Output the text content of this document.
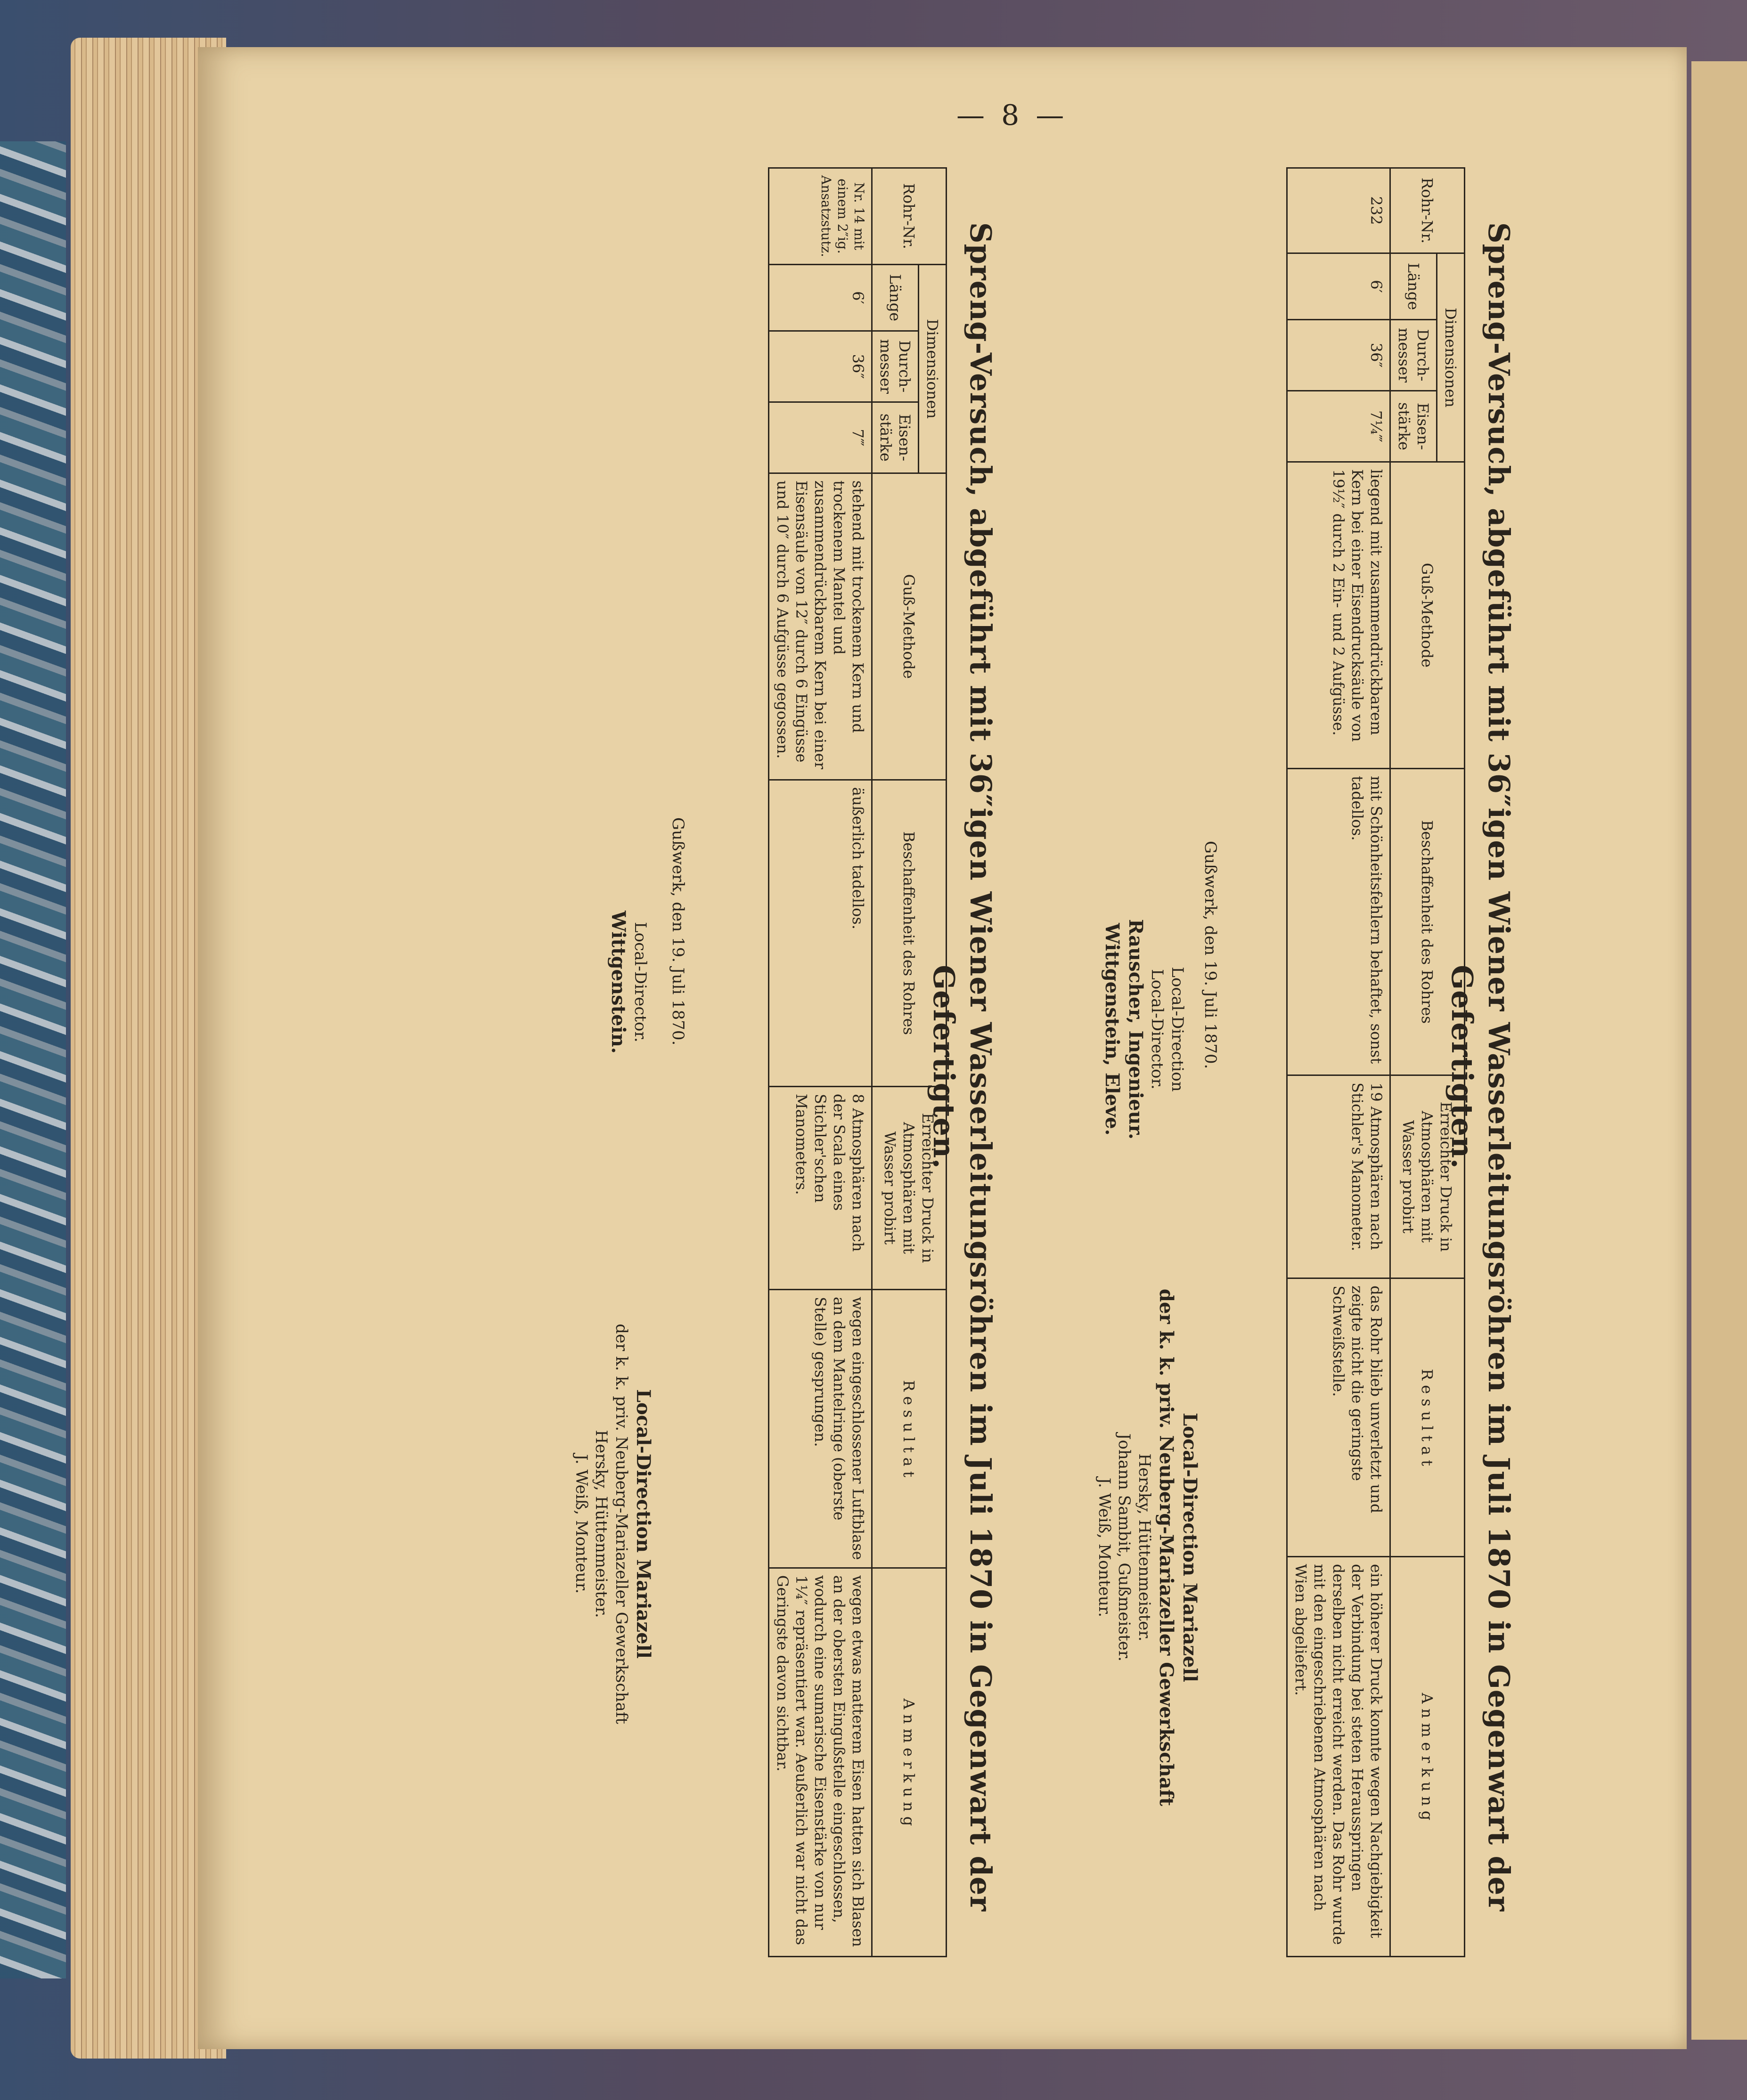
— 8 —
Spreng-Versuch, abgeführt mit 36″igen Wiener Wasserleitungsröhren im Juli 1870 in Gegenwart der Gefertigten.
Rohr-Nr.	Dimensionen			Guß-Methode	Beschaffenheit des Rohres	Erreichter Druck in Atmosphären mit Wasser probirt	R e s u l t a t	A n m e r k u n g
	Länge	Durch-messer	Eisen-stärke					
232	6′	36″	7¼‴	liegend mit zusammendrückbarem Kern bei einer Eisendrucksäule von 19½″ durch 2 Ein- und 2 Aufgüsse.	mit Schönheitsfehlern behaftet, sonst tadellos.	19 Atmosphären nach Stichler's Manometer.	das Rohr blieb unverletzt und zeigte nicht die geringste Schweißstelle.	ein höherer Druck konnte wegen Nachgiebigkeit der Verbindung bei steten Herausspringen derselben nicht erreicht werden. Das Rohr wurde mit den eingeschriebenen Atmosphären nach Wien abgeliefert.
Gußwerk, den 19. Juli 1870.
Local-Direction
Local-Director.
Rauscher, Ingenieur.
Wittgenstein, Eleve.
Local-Direction Mariazell
der k. k. priv. Neuberg-Mariazeller Gewerkschaft
Hersky, Hüttenmeister.
Johann Sambit, Gußmeister.
J. Weiß, Monteur.
Spreng-Versuch, abgeführt mit 36″igen Wiener Wasserleitungsröhren im Juli 1870 in Gegenwart der Gefertigten.
Rohr-Nr.	Dimensionen			Guß-Methode	Beschaffenheit des Rohres	Erreichter Druck in Atmosphären mit Wasser probirt	R e s u l t a t	A n m e r k u n g
	Länge	Durch-messer	Eisen-stärke					
Nr. 14 mit einem 2″ig. Ansatzstutz.	6′	36″	7‴	stehend mit trockenem Kern und trockenem Mantel und zusammendrückbarem Kern bei einer Eisensäule von 12″ durch 6 Eingüsse und 10″ durch 6 Aufgüsse gegossen.	äußerlich tadellos.	8 Atmosphären nach der Scala eines Stichler'schen Manometers.	wegen eingeschlossener Luftblase an dem Mantelringe (oberste Stelle) gesprungen.	wegen etwas matterem Eisen hatten sich Blasen an der obersten Eingußstelle eingeschlossen, wodurch eine sumarische Eisenstärke von nur 1¼″ repräsentiert war. Aeußerlich war nicht das Geringste davon sichtbar.
Gußwerk, den 19. Juli 1870.
Local-Director.
Wittgenstein.
Local-Direction Mariazell
der k. k. priv. Neuberg-Mariazeller Gewerkschaft
Hersky, Hüttenmeister.
J. Weiß, Monteur.
